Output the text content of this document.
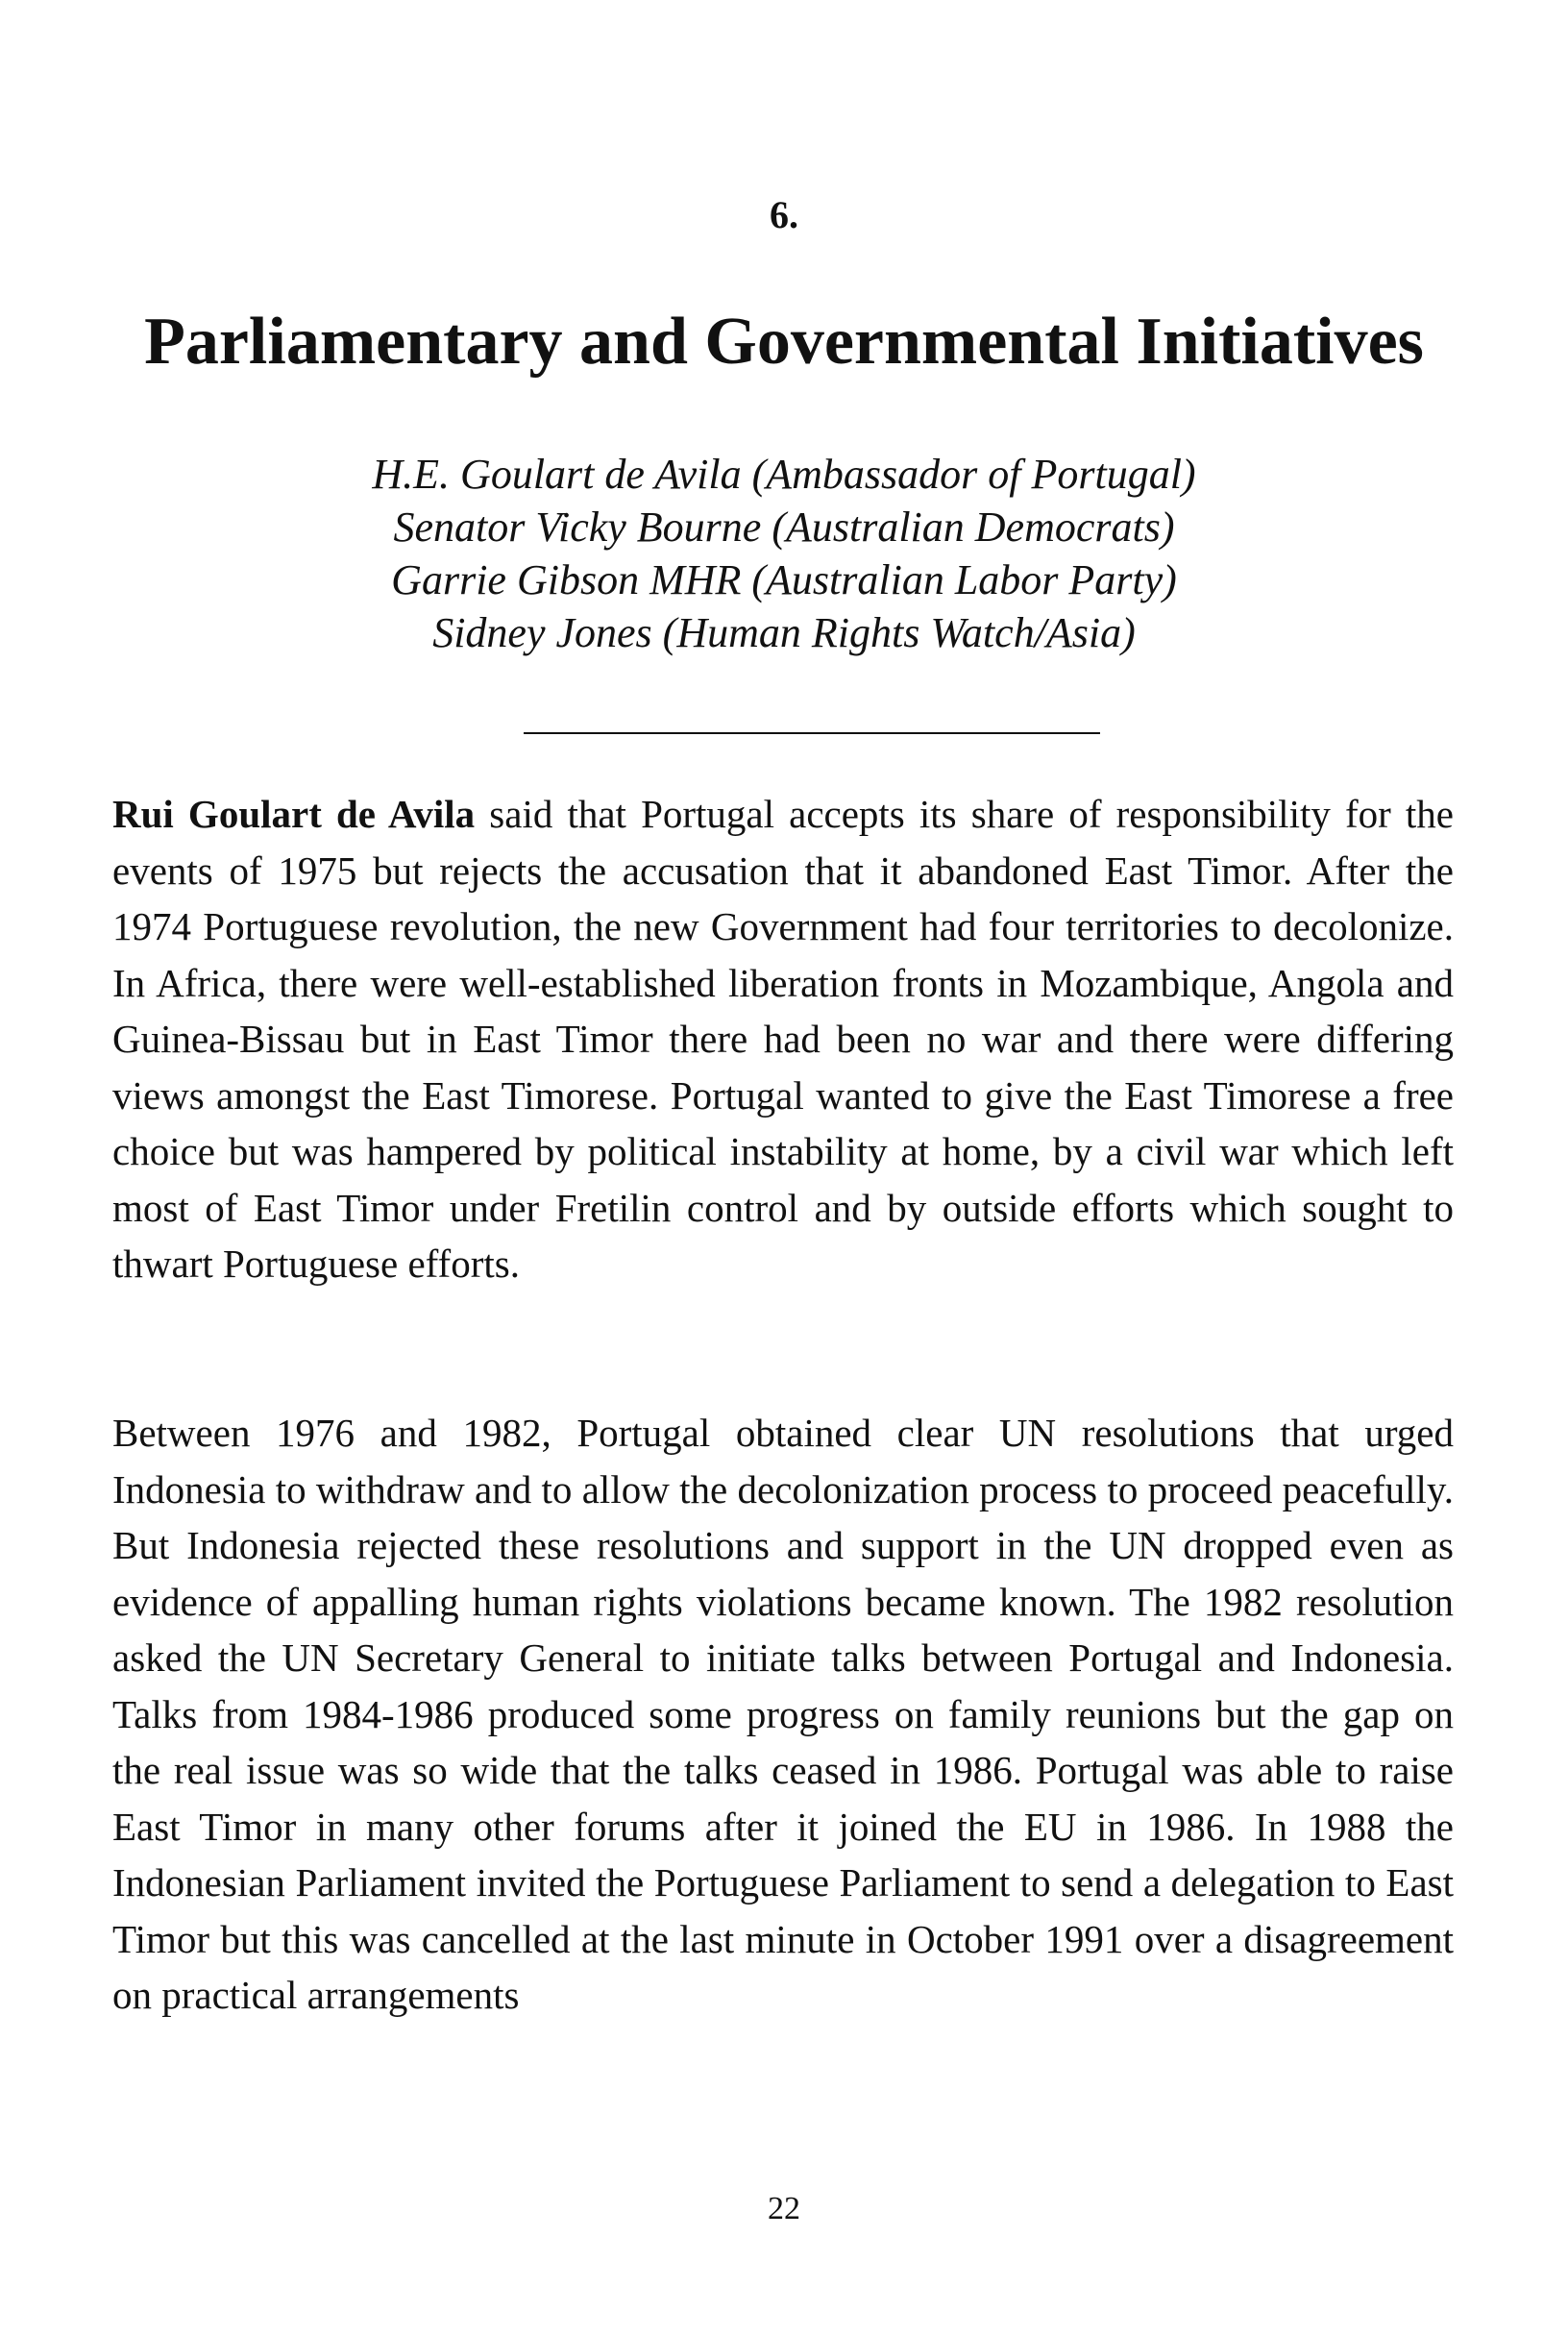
6.
Parliamentary and Governmental Initiatives
H.E. Goulart de Avila (Ambassador of Portugal)
Senator Vicky Bourne (Australian Democrats)
Garrie Gibson MHR (Australian Labor Party)
Sidney Jones (Human Rights Watch/Asia)

Rui Goulart de Avila said that Portugal accepts its share of responsibility for the events of 1975 but rejects the accusation that it abandoned East Timor. After the 1974 Portuguese revolution, the new Government had four territories to decolonize. In Africa, there were well-established liberation fronts in Mozambique, Angola and Guinea-Bissau but in East Timor there had been no war and there were differing views amongst the East Timorese. Portugal wanted to give the East Timorese a free choice but was hampered by political instability at home, by a civil war which left most of East Timor under Fretilin control and by outside efforts which sought to thwart Portuguese efforts.

Between 1976 and 1982, Portugal obtained clear UN resolutions that urged Indonesia to withdraw and to allow the decolonization process to proceed peacefully. But Indonesia rejected these resolutions and support in the UN dropped even as evidence of appalling human rights violations became known. The 1982 resolution asked the UN Secretary General to initiate talks between Portugal and Indonesia. Talks from 1984-1986 produced some progress on family reunions but the gap on the real issue was so wide that the talks ceased in 1986. Portugal was able to raise East Timor in many other forums after it joined the EU in 1986. In 1988 the Indonesian Parliament invited the Portuguese Parliament to send a delegation to East Timor but this was cancelled at the last minute in October 1991 over a disagreement on practical arrangements

22
